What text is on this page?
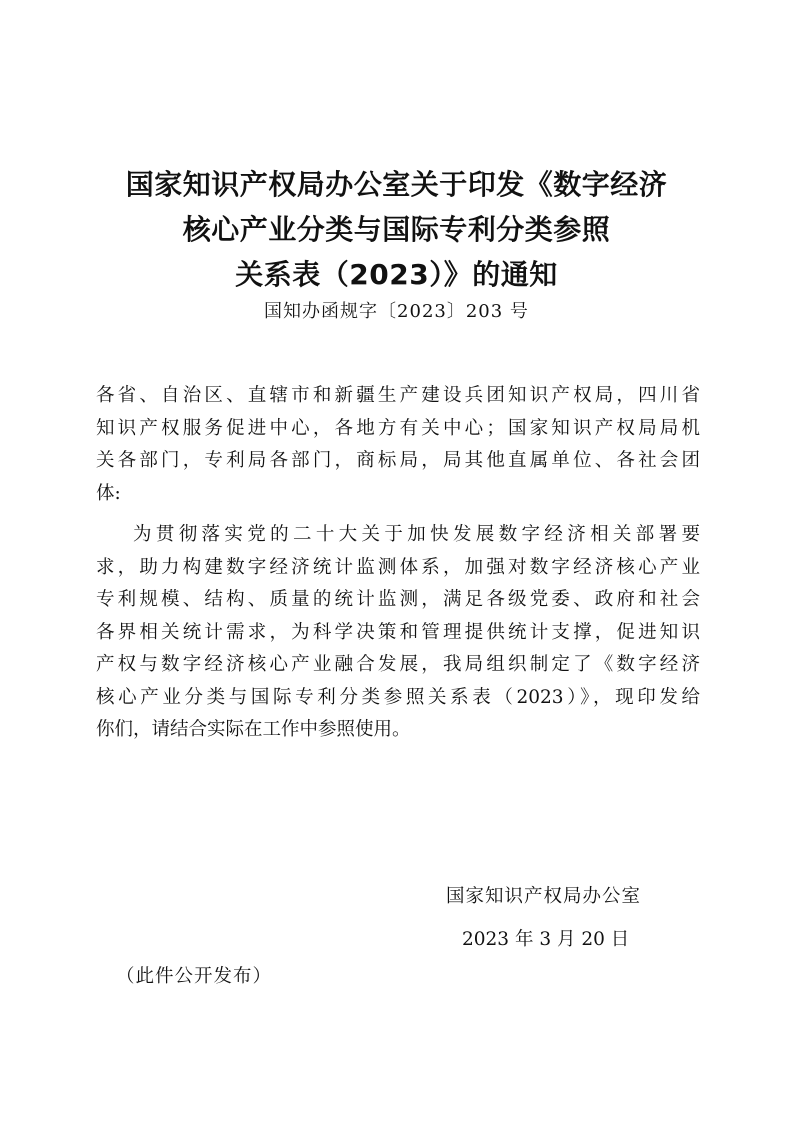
国家知识产权局办公室关于印发《数字经济
核心产业分类与国际专利分类参照
关系表（2023）》的通知
国知办函规字〔2023〕203 号
各省、自治区、直辖市和新疆生产建设兵团知识产权局，四川省
知识产权服务促进中心，各地方有关中心；国家知识产权局局机
关各部门，专利局各部门，商标局，局其他直属单位、各社会团
体:
为贯彻落实党的二十大关于加快发展数字经济相关部署要
求，助力构建数字经济统计监测体系，加强对数字经济核心产业
专利规模、结构、质量的统计监测，满足各级党委、政府和社会
各界相关统计需求，为科学决策和管理提供统计支撑，促进知识
产权与数字经济核心产业融合发展，我局组织制定了《数字经济
核心产业分类与国际专利分类参照关系表（2023）》，现印发给
你们，请结合实际在工作中参照使用。
国家知识产权局办公室
2023 年 3 月 20 日
（此件公开发布）
